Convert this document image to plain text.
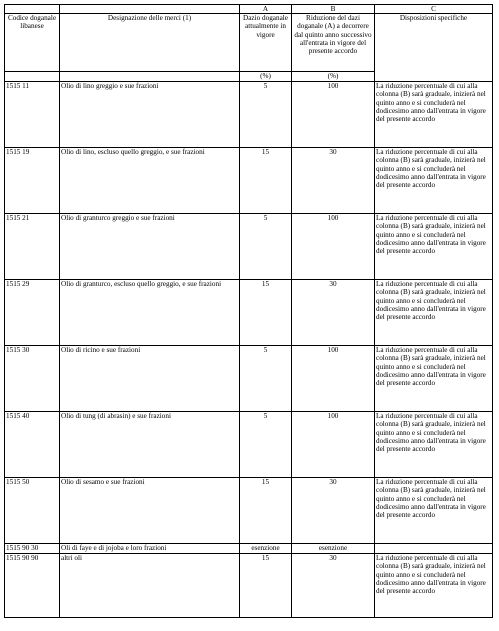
		A	B	C
Codice doganale libanese	Designazione delle merci (1)	Dazio doganale attualmente in vigore	Riduzione del dazi doganale (A) a decorrere dal quinto anno successivo all'entrata in vigore del presente accordo	Disposizioni specifiche
		(%)	(%)	
1515 11	Olio di lino greggio e sue frazioni	5	100	La riduzione percentuale di cui alla colonna (B) sarà graduale, inizierà nel quinto anno e si concluderà nel dodicesimo anno dall'entrata in vigore del presente accordo
1515 19	Olio di lino, escluso quello greggio, e sue frazioni	15	30	La riduzione percentuale di cui alla colonna (B) sarà graduale, inizierà nel quinto anno e si concluderà nel dodicesimo anno dall'entrata in vigore del presente accordo
1515 21	Olio di granturco greggio e sue frazioni	5	100	La riduzione percentuale di cui alla colonna (B) sarà graduale, inizierà nel quinto anno e si concluderà nel dodicesimo anno dall'entrata in vigore del presente accordo
1515 29	Olio di granturco, escluso quello greggio, e sue frazioni	15	30	La riduzione percentuale di cui alla colonna (B) sarà graduale, inizierà nel quinto anno e si concluderà nel dodicesimo anno dall'entrata in vigore del presente accordo
1515 30	Olio di ricino e sue frazioni	5	100	La riduzione percentuale di cui alla colonna (B) sarà graduale, inizierà nel quinto anno e si concluderà nel dodicesimo anno dall'entrata in vigore del presente accordo
1515 40	Olio di tung (di abrasin) e sue frazioni	5	100	La riduzione percentuale di cui alla colonna (B) sarà graduale, inizierà nel quinto anno e si concluderà nel dodicesimo anno dall'entrata in vigore del presente accordo
1515 50	Olio di sesamo e sue frazioni	15	30	La riduzione percentuale di cui alla colonna (B) sarà graduale, inizierà nel quinto anno e si concluderà nel dodicesimo anno dall'entrata in vigore del presente accordo
1515 90 30	Oli di faye e di jojoba e loro frazioni	esenzione	esenzione	
1515 90 90	altri oli	15	30	La riduzione percentuale di cui alla colonna (B) sarà graduale, inizierà nel quinto anno e si concluderà nel dodicesimo anno dall'entrata in vigore del presente accordo
